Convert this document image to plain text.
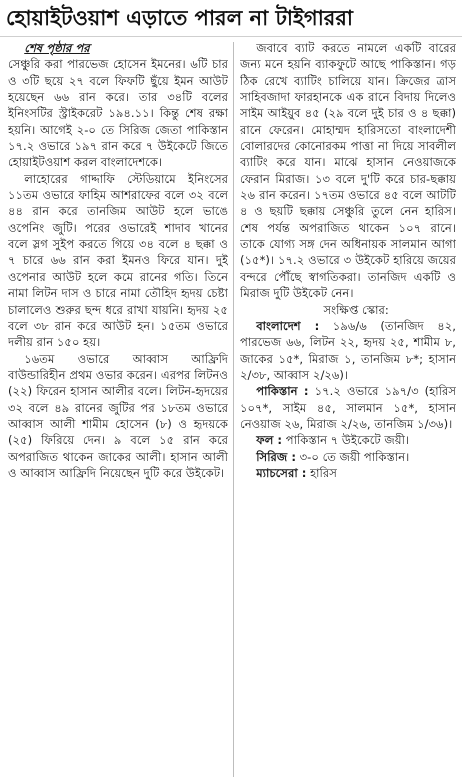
হোয়াইটওয়াশ এড়াতে পারল না টাইগাররা

শেষ পৃষ্ঠার পর

সেঞ্চুরি করা পারভেজ হোসেন ইমনের। ৬টি চার ও ৩টি ছয়ে ২৭ বলে ফিফটি ছুঁয়ে ইমন আউট হয়েছেন ৬৬ রান করে। তার ৩৪টি বলের ইনিংসটির স্ট্রাইকরেট ১৯৪.১১। কিন্তু শেষ রক্ষা হয়নি। আগেই ২-০ তে সিরিজ জেতা পাকিস্তান ১৭.২ ওভারে ১৯৭ রান করে ৭ উইকেটে জিতে হোয়াইটওয়াশ করল বাংলাদেশকে।

লাহোরের গাদ্দাফি স্টেডিয়ামে ইনিংসের ১১তম ওভারে ফাহিম আশরাফের বলে ৩২ বলে ৪৪ রান করে তানজিম আউট হলে ভাঙে ওপেনিং জুটি। পরের ওভারেই শাদাব খানের বলে স্লগ সুইপ করতে গিয়ে ৩৪ বলে ৪ ছক্কা ও ৭ চারে ৬৬ রান করা ইমনও ফিরে যান। দুই ওপেনার আউট হলে কমে রানের গতি। তিনে নামা লিটন দাস ও চারে নামা তৌহিদ হৃদয় চেষ্টা চালালেও শুরুর ছন্দ ধরে রাখা যায়নি। হৃদয় ২৫ বলে ৩৮ রান করে আউট হন। ১৫তম ওভারে দলীয় রান ১৫০ হয়।

১৬তম ওভারে আব্বাস আফ্রিদি বাউন্ডারিহীন প্রথম ওভার করেন। এরপর লিটনও (২২) ফিরেন হাসান আলীর বলে। লিটন-হৃদয়ের ৩২ বলে ৪৯ রানের জুটির পর ১৮তম ওভারে আব্বাস আলী শামীম হোসেন (৮) ও হৃদয়কে (২৫) ফিরিয়ে দেন। ৯ বলে ১৫ রান করে অপরাজিত থাকেন জাকের আলী। হাসান আলী ও আব্বাস আফ্রিদি নিয়েছেন দুটি করে উইকেট।

জবাবে ব্যাট করতে নামলে একটি বারের জন্য মনে হয়নি ব্যাকফুটে আছে পাকিস্তান। গড় ঠিক রেখে ব্যাটিং চালিয়ে যান। ক্রিজের ত্রাস সাহিবজাদা ফারহানকে এক রানে বিদায় দিলেও সাইম আইয়ুব ৪৫ (২৯ বলে দুই চার ও ৪ ছক্কা) রানে ফেরেন। মোহাম্মদ হারিসতো বাংলাদেশী বোলারদের কোনোরকম পাত্তা না দিয়ে সাবলীল ব্যাটিং করে যান। মাঝে হাসান নেওয়াজকে ফেরান মিরাজ। ১৩ বলে দু'টি করে চার-ছক্কায় ২৬ রান করেন। ১৭তম ওভারে ৪৫ বলে আটটি ৪ ও ছয়টি ছক্কায় সেঞ্চুরি তুলে নেন হারিস। শেষ পর্যন্ত অপরাজিত থাকেন ১০৭ রানে। তাকে যোগ্য সঙ্গ দেন অধিনায়ক সালমান আগা (১৫*)। ১৭.২ ওভারে ৩ উইকেট হারিয়ে জয়ের বন্দরে পৌঁছে স্বাগতিকরা। তানজিদ একটি ও মিরাজ দুটি উইকেট নেন।

সংক্ষিপ্ত স্কোর:

বাংলাদেশ : ১৯৬/৬ (তানজিদ ৪২, পারভেজ ৬৬, লিটন ২২, হৃদয় ২৫, শামীম ৮, জাকের ১৫*, মিরাজ ১, তানজিম ৮*; হাসান ২/৩৮, আব্বাস ২/২৬)।

পাকিস্তান : ১৭.২ ওভারে ১৯৭/৩ (হারিস ১০৭*, সাইম ৪৫, সালমান ১৫*, হাসান নেওয়াজ ২৬, মিরাজ ২/২৬, তানজিম ১/৩৬)।

ফল : পাকিস্তান ৭ উইকেটে জয়ী।

সিরিজ : ৩-০ তে জয়ী পাকিস্তান।

ম্যাচসেরা : হারিস
